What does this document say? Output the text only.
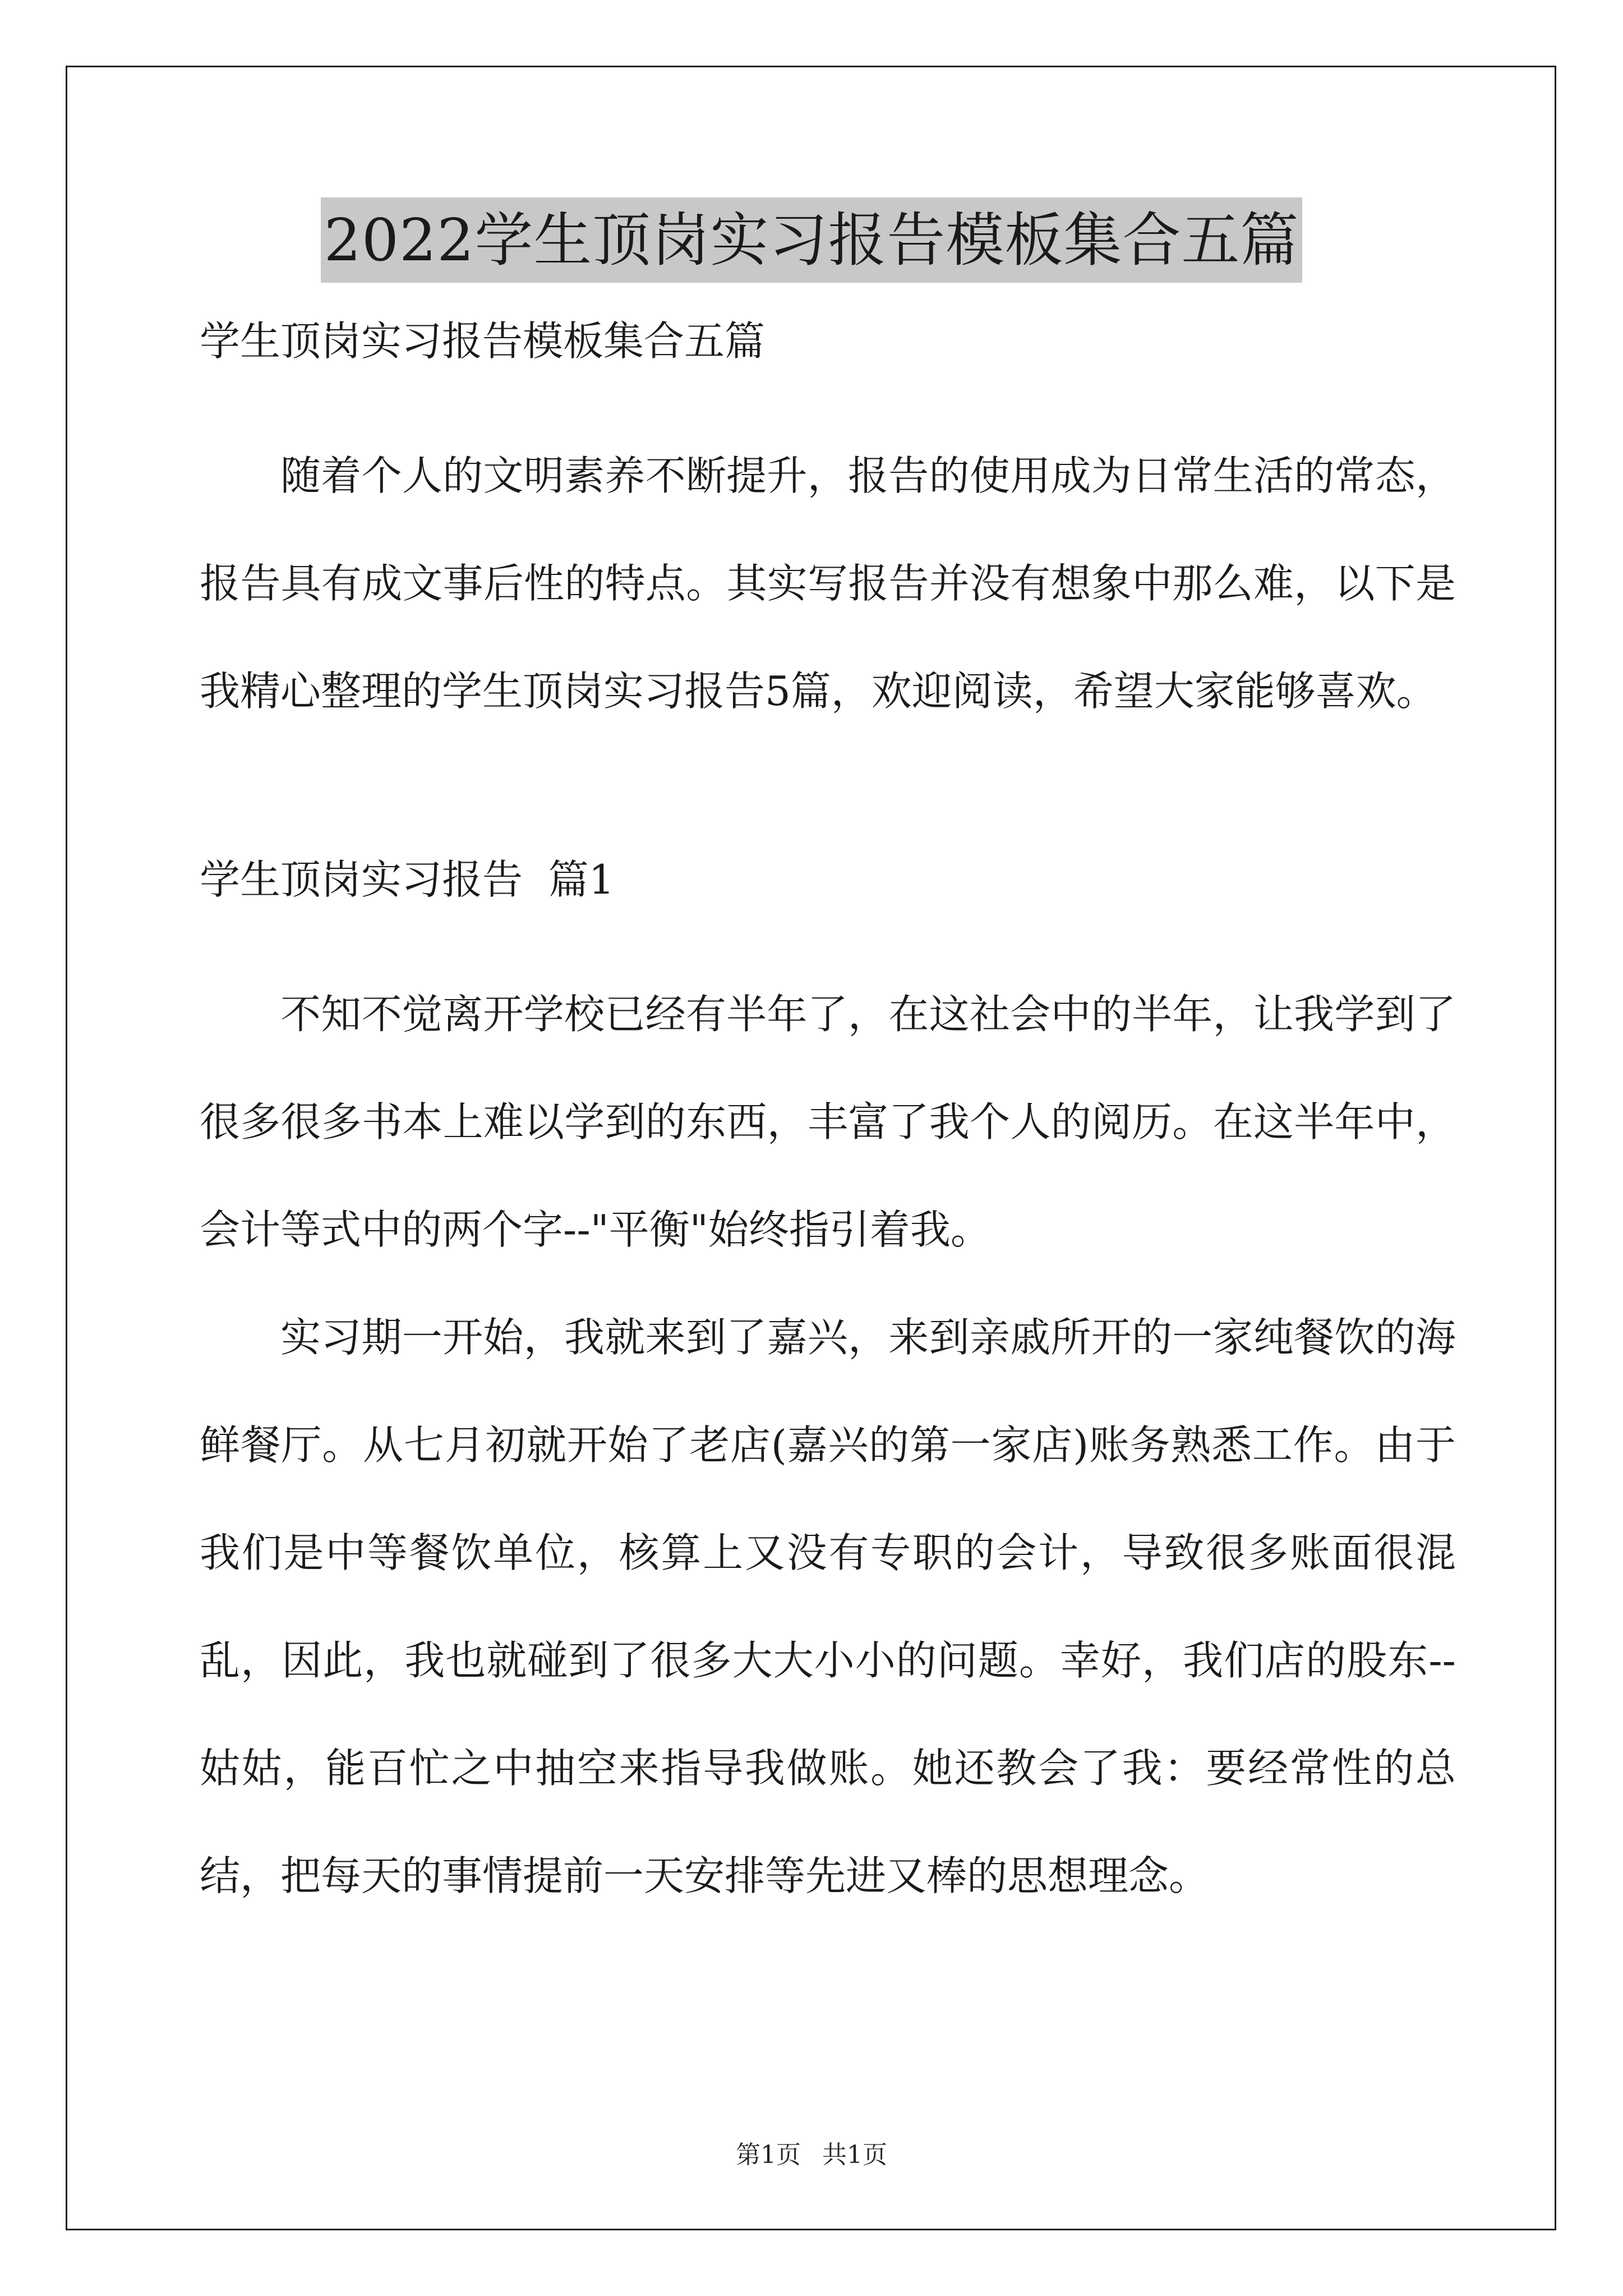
2022学生顶岗实习报告模板集合五篇

学生顶岗实习报告模板集合五篇

随着个人的文明素养不断提升，报告的使用成为日常生活的常态，报告具有成文事后性的特点。其实写报告并没有想象中那么难，以下是我精心整理的学生顶岗实习报告5篇，欢迎阅读，希望大家能够喜欢。

学生顶岗实习报告  篇1

不知不觉离开学校已经有半年了，在这社会中的半年，让我学到了很多很多书本上难以学到的东西，丰富了我个人的阅历。在这半年中，会计等式中的两个字--"平衡"始终指引着我。

实习期一开始，我就来到了嘉兴，来到亲戚所开的一家纯餐饮的海鲜餐厅。从七月初就开始了老店(嘉兴的第一家店)账务熟悉工作。由于我们是中等餐饮单位，核算上又没有专职的会计，导致很多账面很混乱，因此，我也就碰到了很多大大小小的问题。幸好，我们店的股东--姑姑，能百忙之中抽空来指导我做账。她还教会了我：要经常性的总结，把每天的事情提前一天安排等先进又棒的思想理念。

第1页 共1页
